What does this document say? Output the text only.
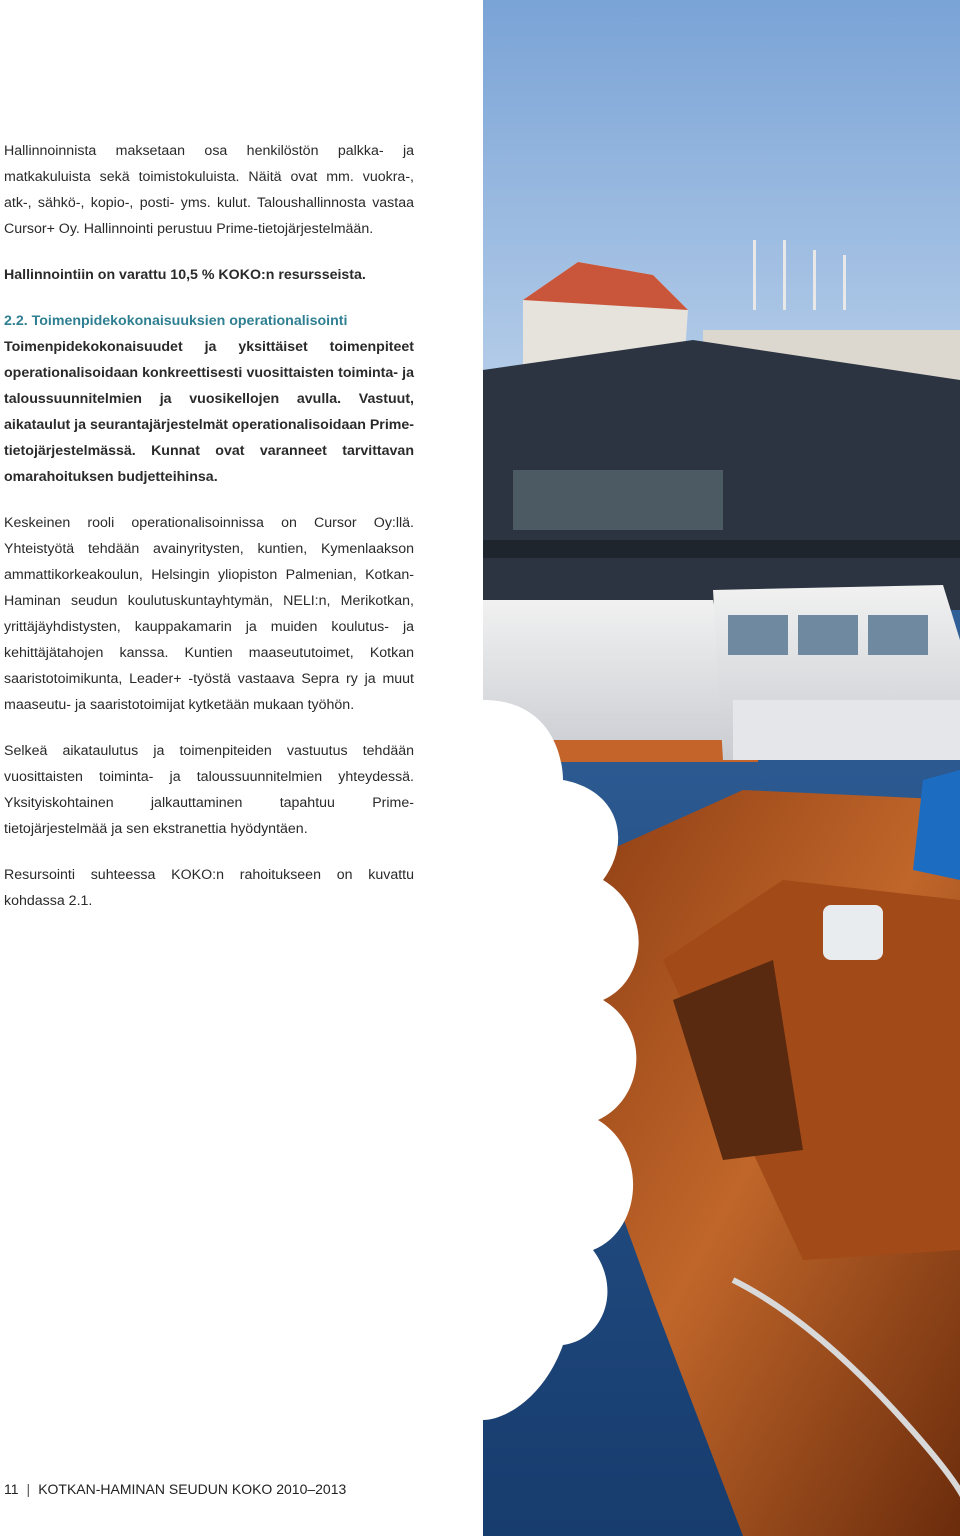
Hallinnoinnista maksetaan osa henkilöstön palkka- ja matkakuluista sekä toimistokuluista. Näitä ovat mm. vuokra-, atk-, sähkö-, kopio-, posti- yms. kulut. Taloushallinnosta vastaa Cursor+ Oy. Hallinnointi perustuu Prime-tietojärjestelmään.

Hallinnointiin on varattu 10,5 % KOKO:n resursseista.

2.2. Toimenpidekokonaisuuksien operationalisointi

Toimenpidekokonaisuudet ja yksittäiset toimenpiteet operationalisoidaan konkreettisesti vuosittaisten toiminta- ja taloussuunnitelmien ja vuosikellojen avulla. Vastuut, aikataulut ja seurantajärjestelmät operationalisoidaan Prime-tietojärjestelmässä. Kunnat ovat varanneet tarvittavan omarahoituksen budjetteihinsa.

Keskeinen rooli operationalisoinnissa on Cursor Oy:llä. Yhteistyötä tehdään avainyritysten, kuntien, Kymenlaakson ammattikorkeakoulun, Helsingin yliopiston Palmenian, Kotkan-Haminan seudun koulutuskuntayhtymän, NELI:n, Merikotkan, yrittäjäyhdistysten, kauppakamarin ja muiden koulutus- ja kehittäjätahojen kanssa. Kuntien maaseututoimet, Kotkan saaristotoimikunta, Leader+ -työstä vastaava Sepra ry ja muut maaseutu- ja saaristotoimijat kytketään mukaan työhön.

Selkeä aikataulutus ja toimenpiteiden vastuutus tehdään vuosittaisten toiminta- ja taloussuunnitelmien yhteydessä. Yksityiskohtainen jalkauttaminen tapahtuu Prime-tietojärjestelmää ja sen ekstranettia hyödyntäen.

Resursointi suhteessa KOKO:n rahoitukseen on kuvattu kohdassa 2.1.

11 | KOTKAN-HAMINAN SEUDUN KOKO 2010–2013
